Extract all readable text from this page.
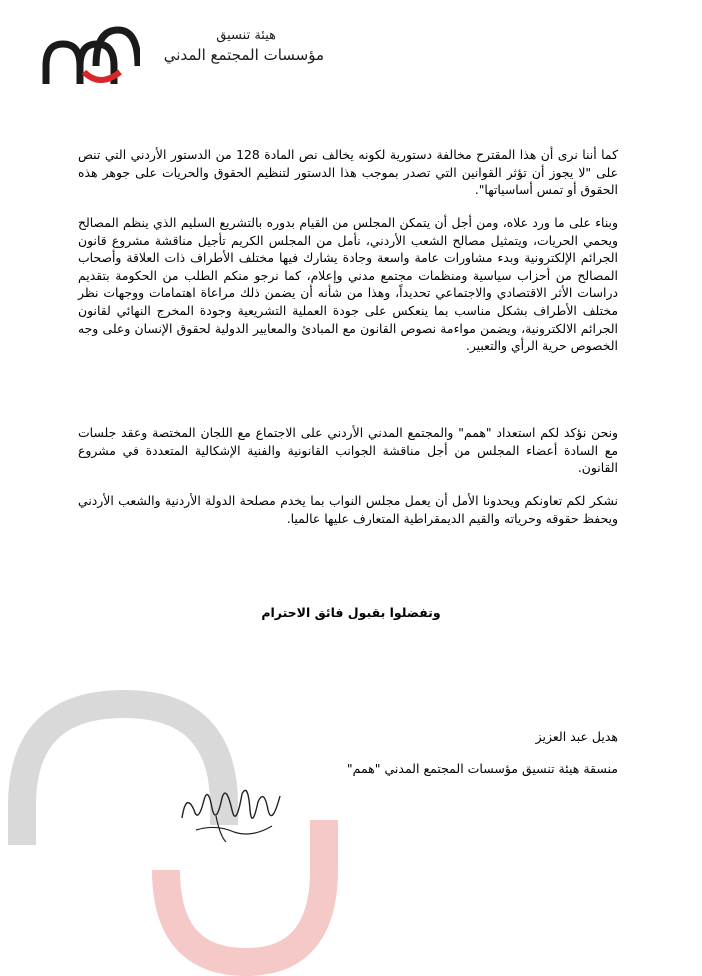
هيئة تنسيق
مؤسسات المجتمع المدني
كما أننا نرى أن هذا المقترح مخالفة دستورية لكونه يخالف نص المادة 128 من الدستور الأردني التي تنص على "لا يجوز أن تؤثر القوانين التي تصدر بموجب هذا الدستور لتنظيم الحقوق والحريات على جوهر هذه الحقوق أو تمس أساسياتها".
وبناء على ما ورد علاه، ومن أجل أن يتمكن المجلس من القيام بدوره بالتشريع السليم الذي ينظم المصالح ويحمي الحريات، ويتمثيل مصالح الشعب الأردني، نأمل من المجلس الكريم تأجيل مناقشة مشروع قانون الجرائم الإلكترونية وبدء مشاورات عامة واسعة وجادة يشارك فيها مختلف الأطراف ذات العلاقة وأصحاب المصالح من أحزاب سياسية ومنظمات مجتمع مدني وإعلام، كما نرجو منكم الطلب من الحكومة بتقديم دراسات الأثر الاقتصادي والاجتماعي تحديداً، وهذا من شأنه أن يضمن ذلك مراعاة اهتمامات ووجهات نظر مختلف الأطراف بشكل مناسب بما ينعكس على جودة العملية التشريعية وجودة المخرج النهائي لقانون الجرائم الالكترونية، ويضمن مواءمة نصوص القانون مع المبادئ والمعايير الدولية لحقوق الإنسان وعلى وجه الخصوص حرية الرأي والتعبير.
ونحن نؤكد لكم استعداد "همم" والمجتمع المدني الأردني على الاجتماع مع اللجان المختصة وعقد جلسات مع السادة أعضاء المجلس من أجل مناقشة الجوانب القانونية والفنية الإشكالية المتعددة في مشروع القانون.
نشكر لكم تعاونكم ويحدونا الأمل أن يعمل مجلس النواب بما يخدم مصلحة الدولة الأردنية والشعب الأردني ويحفظ حقوقه وحرياته والقيم الديمقراطية المتعارف عليها عالميا.
وتفضلوا بقبول فائق الاحترام
هديل عبد العزيز
منسقة هيئة تنسيق مؤسسات المجتمع المدني "همم"
